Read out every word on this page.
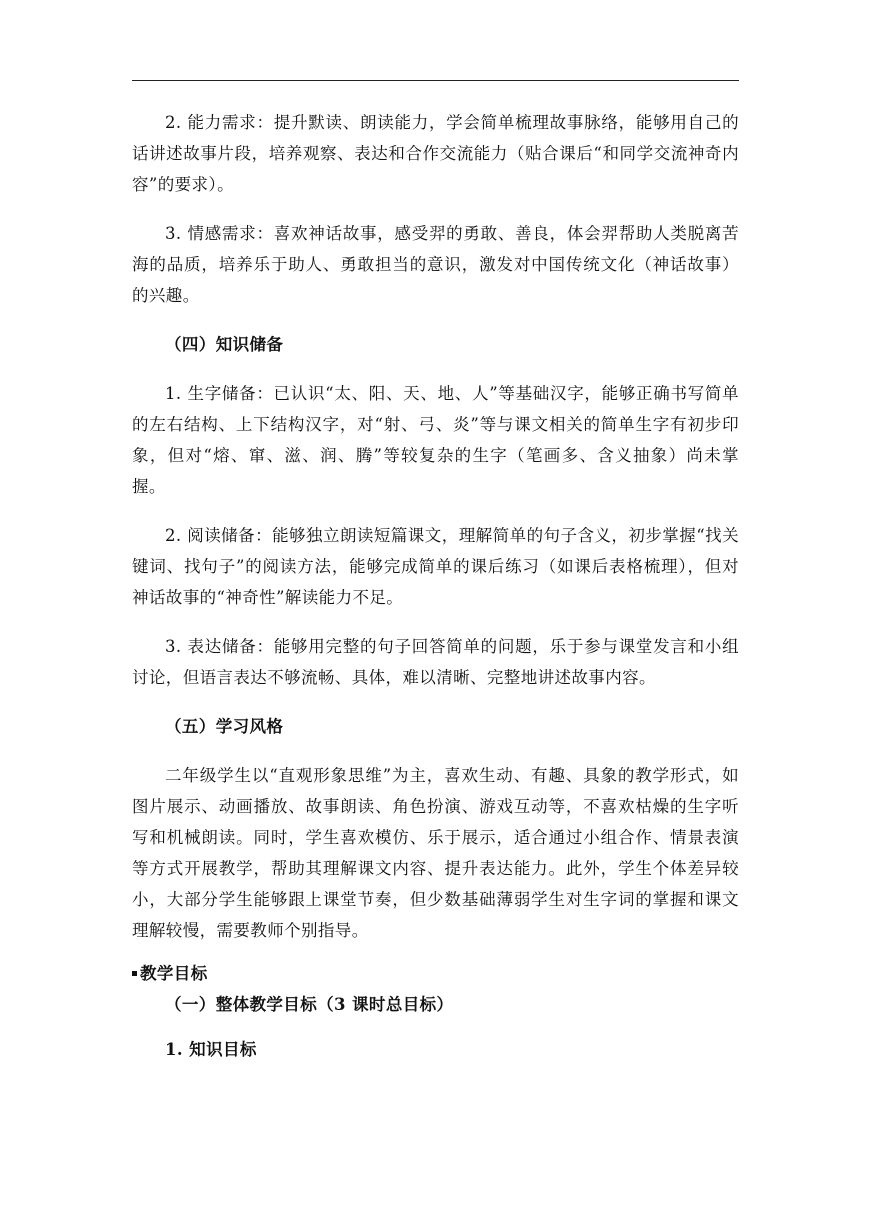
2. 能力需求：提升默读、朗读能力，学会简单梳理故事脉络，能够用自己的话讲述故事片段，培养观察、表达和合作交流能力（贴合课后“和同学交流神奇内容”的要求）。

3. 情感需求：喜欢神话故事，感受羿的勇敢、善良，体会羿帮助人类脱离苦海的品质，培养乐于助人、勇敢担当的意识，激发对中国传统文化（神话故事）的兴趣。

（四）知识储备

1. 生字储备：已认识“太、阳、天、地、人”等基础汉字，能够正确书写简单的左右结构、上下结构汉字，对“射、弓、炎”等与课文相关的简单生字有初步印象，但对“熔、窜、滋、润、腾”等较复杂的生字（笔画多、含义抽象）尚未掌握。

2. 阅读储备：能够独立朗读短篇课文，理解简单的句子含义，初步掌握“找关键词、找句子”的阅读方法，能够完成简单的课后练习（如课后表格梳理），但对神话故事的“神奇性”解读能力不足。

3. 表达储备：能够用完整的句子回答简单的问题，乐于参与课堂发言和小组讨论，但语言表达不够流畅、具体，难以清晰、完整地讲述故事内容。

（五）学习风格

二年级学生以“直观形象思维”为主，喜欢生动、有趣、具象的教学形式，如图片展示、动画播放、故事朗读、角色扮演、游戏互动等，不喜欢枯燥的生字听写和机械朗读。同时，学生喜欢模仿、乐于展示，适合通过小组合作、情景表演等方式开展教学，帮助其理解课文内容、提升表达能力。此外，学生个体差异较小，大部分学生能够跟上课堂节奏，但少数基础薄弱学生对生字词的掌握和课文理解较慢，需要教师个别指导。

教学目标

（一）整体教学目标（3 课时总目标）

1. 知识目标
